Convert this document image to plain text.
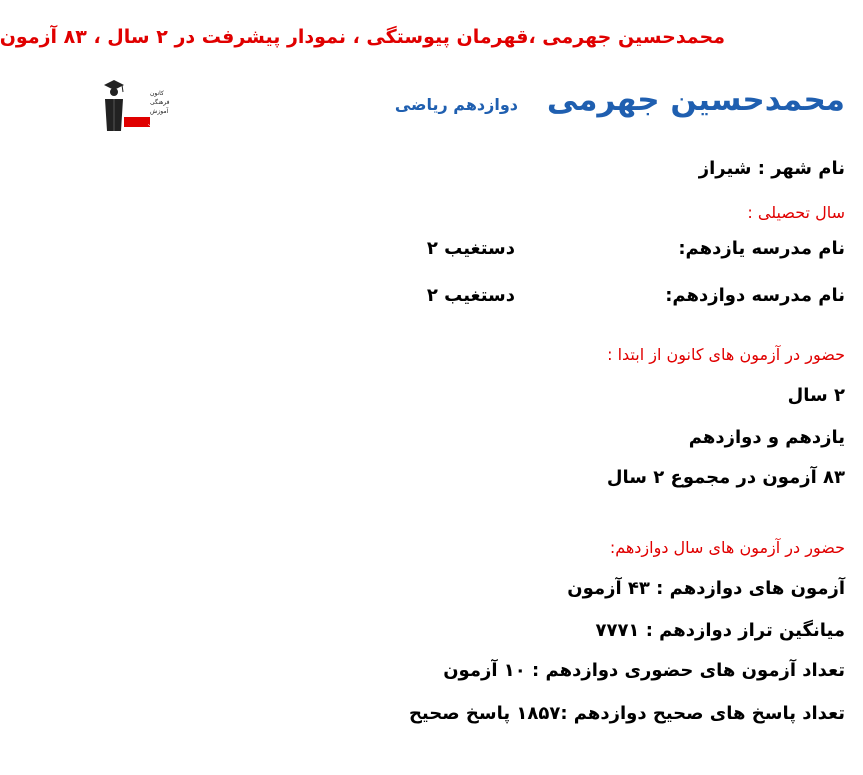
محمدحسین جهرمی ،قهرمان پیوستگی ، نمودار پیشرفت در ۲ سال ، ۸۳ آزمون
کانون
فرهنگی
آموزش
قلم‌چی
محمدحسین جهرمی
دوازدهم ریاضی
نام شهر : شیراز
سال تحصیلی :
نام مدرسه یازدهم:
دستغیب ۲
نام مدرسه دوازدهم:
دستغیب ۲
حضور در آزمون های کانون از ابتدا :
۲ سال
یازدهم و دوازدهم
۸۳ آزمون در مجموع ۲ سال
حضور در آزمون های سال دوازدهم:
آزمون های دوازدهم : ۴۳ آزمون
میانگین تراز دوازدهم : ۷۷۷۱
تعداد آزمون های حضوری دوازدهم : ۱۰ آزمون
تعداد پاسخ های صحیح دوازدهم :۱۸۵۷ پاسخ صحیح
